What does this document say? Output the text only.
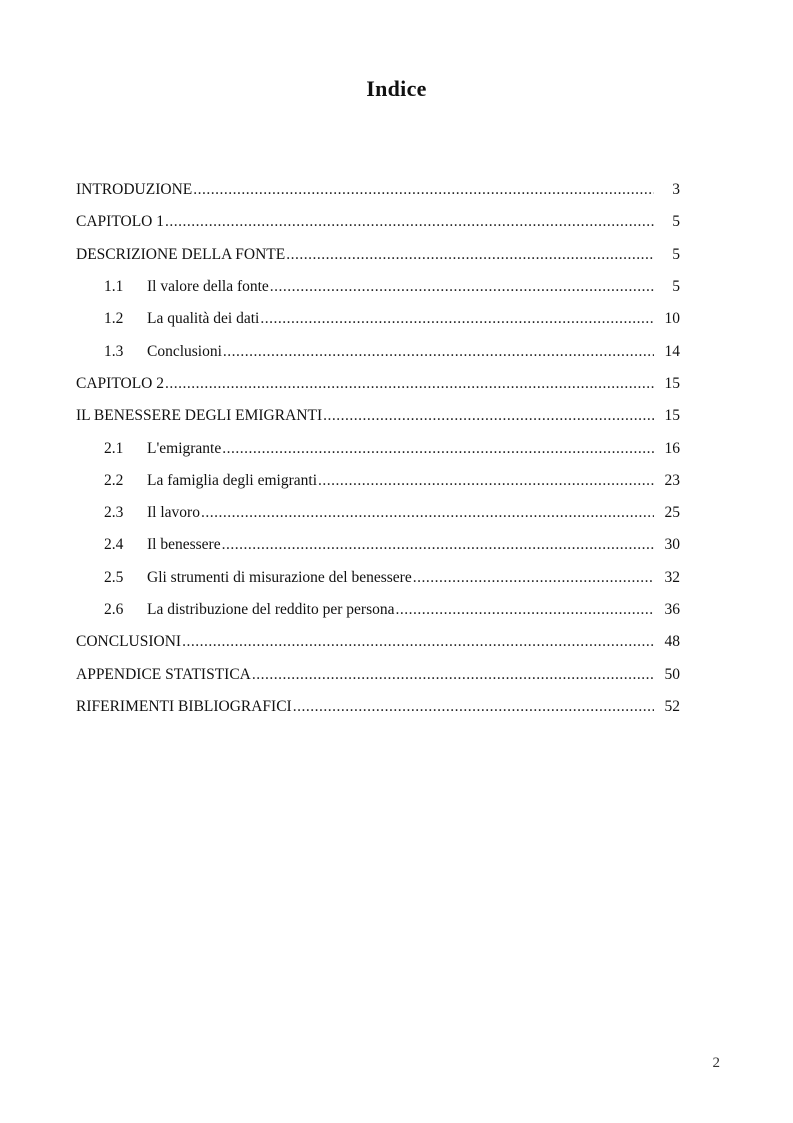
Indice
INTRODUZIONE .....	3
CAPITOLO 1 .....	5
DESCRIZIONE DELLA FONTE .....	5
1.1	Il valore della fonte .....	5
1.2	La qualità dei dati .....	10
1.3	Conclusioni .....	14
CAPITOLO 2 .....	15
IL BENESSERE DEGLI EMIGRANTI .....	15
2.1	L'emigrante .....	16
2.2	La famiglia degli emigranti .....	23
2.3	Il lavoro .....	25
2.4	Il benessere .....	30
2.5	Gli strumenti di misurazione del benessere .....	32
2.6	La distribuzione del reddito per persona .....	36
CONCLUSIONI .....	48
APPENDICE STATISTICA .....	50
RIFERIMENTI BIBLIOGRAFICI .....	52
2
